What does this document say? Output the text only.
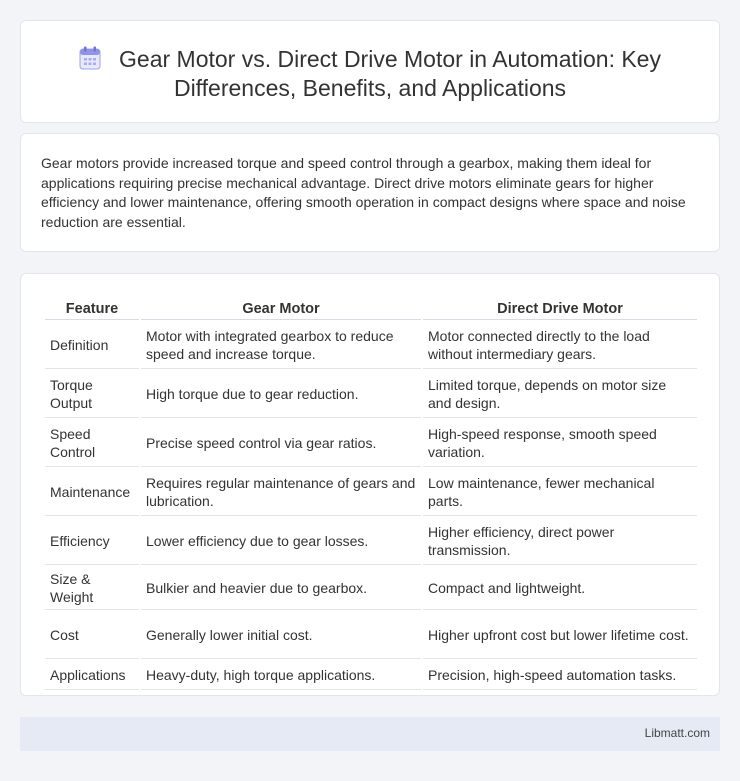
Gear Motor vs. Direct Drive Motor in Automation: Key Differences, Benefits, and Applications

Gear motors provide increased torque and speed control through a gearbox, making them ideal for applications requiring precise mechanical advantage. Direct drive motors eliminate gears for higher efficiency and lower maintenance, offering smooth operation in compact designs where space and noise reduction are essential.

Feature	Gear Motor	Direct Drive Motor
Definition	Motor with integrated gearbox to reduce speed and increase torque.	Motor connected directly to the load without intermediary gears.
Torque Output	High torque due to gear reduction.	Limited torque, depends on motor size and design.
Speed Control	Precise speed control via gear ratios.	High-speed response, smooth speed variation.
Maintenance	Requires regular maintenance of gears and lubrication.	Low maintenance, fewer mechanical parts.
Efficiency	Lower efficiency due to gear losses.	Higher efficiency, direct power transmission.
Size & Weight	Bulkier and heavier due to gearbox.	Compact and lightweight.
Cost	Generally lower initial cost.	Higher upfront cost but lower lifetime cost.
Applications	Heavy-duty, high torque applications.	Precision, high-speed automation tasks.
Libmatt.com
